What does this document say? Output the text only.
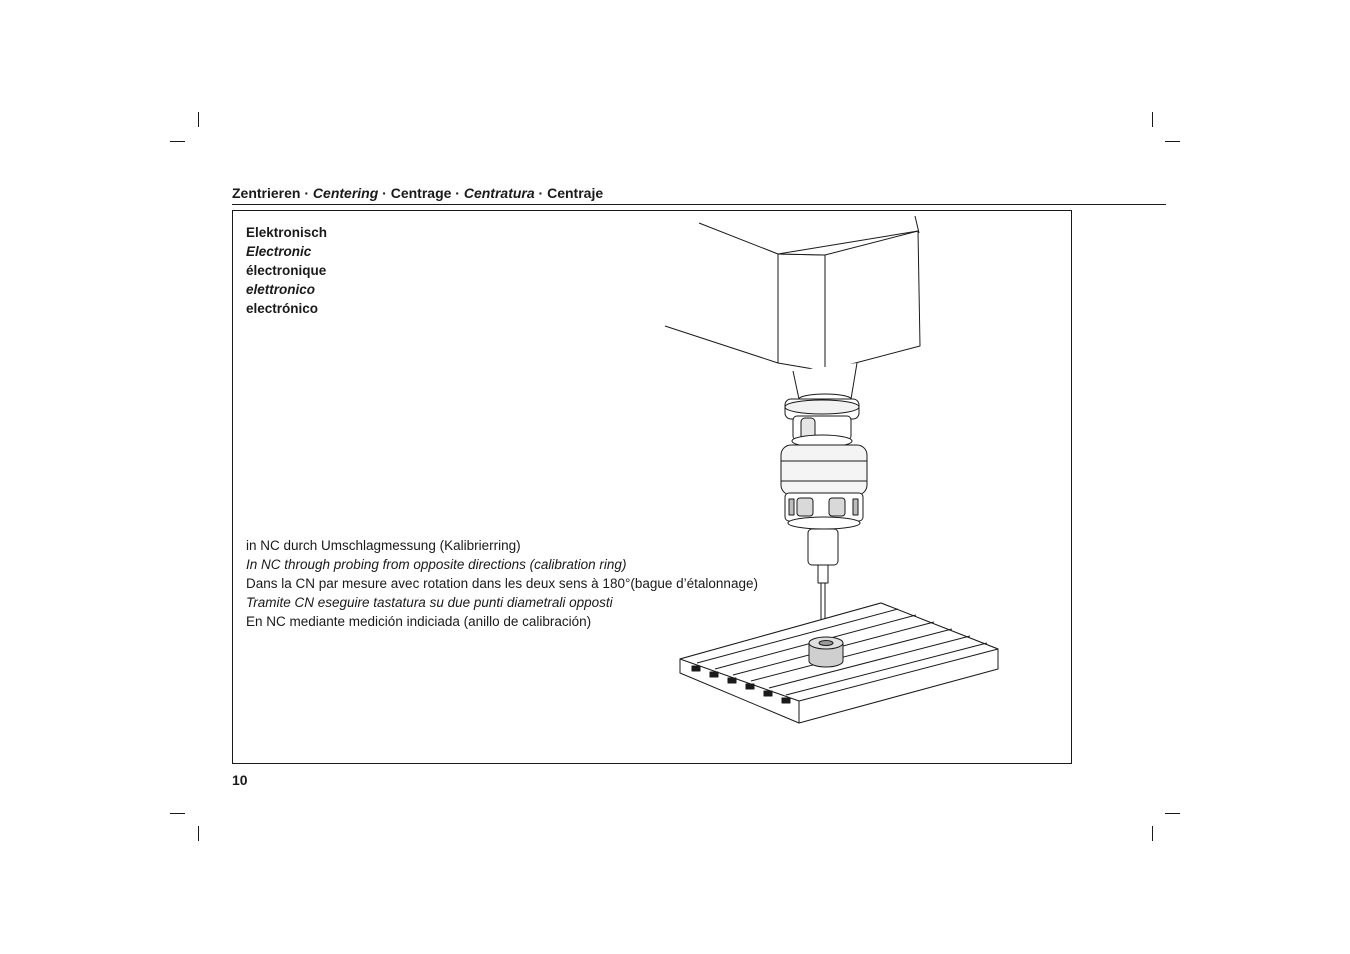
Zentrieren · Centering · Centrage · Centratura · Centraje
Elektronisch
Electronic
électronique
elettronico
electrónico
in NC durch Umschlagmessung (Kalibrierring)
In NC through probing from opposite directions (calibration ring)
Dans la CN par mesure avec rotation dans les deux sens à 180°(bague d’étalonnage)
Tramite CN eseguire tastatura su due punti diametrali opposti
En NC mediante medición indiciada (anillo de calibración)
10
